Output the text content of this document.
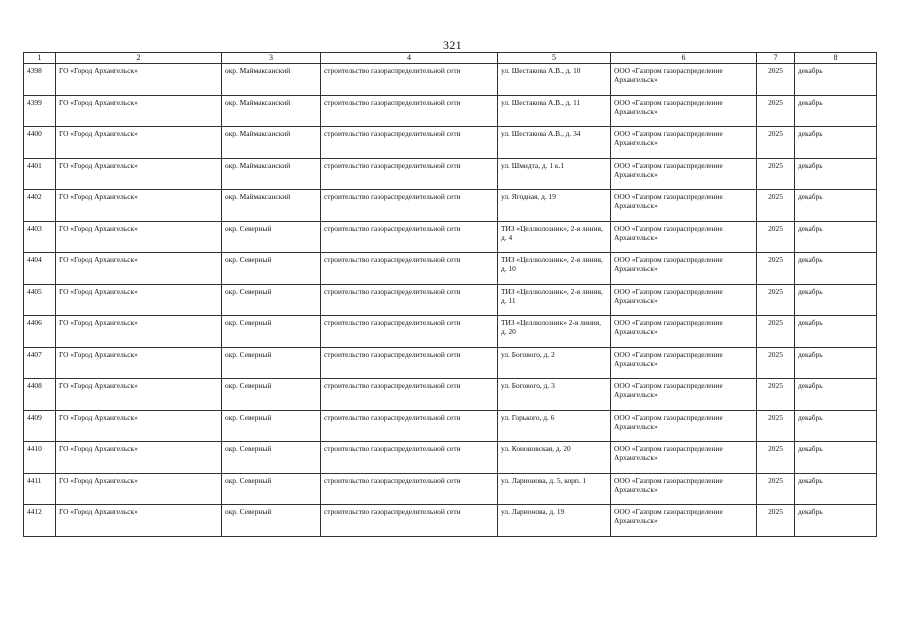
321
1	2	3	4	5	6	7	8
4398	ГО «Город Архангельск»	окр. Маймаксанский	строительство газораспределительной сети	ул. Шестакова А.В., д. 10	ООО «Газпром газораспределение Архангельск»	2025	декабрь
4399	ГО «Город Архангельск»	окр. Маймаксанский	строительство газораспределительной сети	ул. Шестакова А.В., д. 11	ООО «Газпром газораспределение Архангельск»	2025	декабрь
4400	ГО «Город Архангельск»	окр. Маймаксанский	строительство газораспределительной сети	ул. Шестакова А.В., д. 34	ООО «Газпром газораспределение Архангельск»	2025	декабрь
4401	ГО «Город Архангельск»	окр. Маймаксанский	строительство газораспределительной сети	ул. Шмидта, д. 1 к.1	ООО «Газпром газораспределение Архангельск»	2025	декабрь
4402	ГО «Город Архангельск»	окр. Маймаксанский	строительство газораспределительной сети	ул. Ягодная, д. 19	ООО «Газпром газораспределение Архангельск»	2025	декабрь
4403	ГО «Город Архангельск»	окр. Северный	строительство газораспределительной сети	ТИЗ «Целлюлозник», 2-я линия, д. 4	ООО «Газпром газораспределение Архангельск»	2025	декабрь
4404	ГО «Город Архангельск»	окр. Северный	строительство газораспределительной сети	ТИЗ «Целлюлозник», 2-я линия, д. 10	ООО «Газпром газораспределение Архангельск»	2025	декабрь
4405	ГО «Город Архангельск»	окр. Северный	строительство газораспределительной сети	ТИЗ «Целлюлозник», 2-я линия, д. 11	ООО «Газпром газораспределение Архангельск»	2025	декабрь
4406	ГО «Город Архангельск»	окр. Северный	строительство газораспределительной сети	ТИЗ «Целлюлозник» 2-я линия, д. 20	ООО «Газпром газораспределение Архангельск»	2025	декабрь
4407	ГО «Город Архангельск»	окр. Северный	строительство газораспределительной сети	ул. Богового, д. 2	ООО «Газпром газораспределение Архангельск»	2025	декабрь
4408	ГО «Город Архангельск»	окр. Северный	строительство газораспределительной сети	ул. Богового, д. 3	ООО «Газпром газораспределение Архангельск»	2025	декабрь
4409	ГО «Город Архангельск»	окр. Северный	строительство газораспределительной сети	ул. Горького, д. 6	ООО «Газпром газораспределение Архангельск»	2025	декабрь
4410	ГО «Город Архангельск»	окр. Северный	строительство газораспределительной сети	ул. Кононовская, д. 20	ООО «Газпром газораспределение Архангельск»	2025	декабрь
4411	ГО «Город Архангельск»	окр. Северный	строительство газораспределительной сети	ул. Ларионова, д. 5, корп. 1	ООО «Газпром газораспределение Архангельск»	2025	декабрь
4412	ГО «Город Архангельск»	окр. Северный	строительство газораспределительной сети	ул. Ларионова, д. 19	ООО «Газпром газораспределение Архангельск»	2025	декабрь
